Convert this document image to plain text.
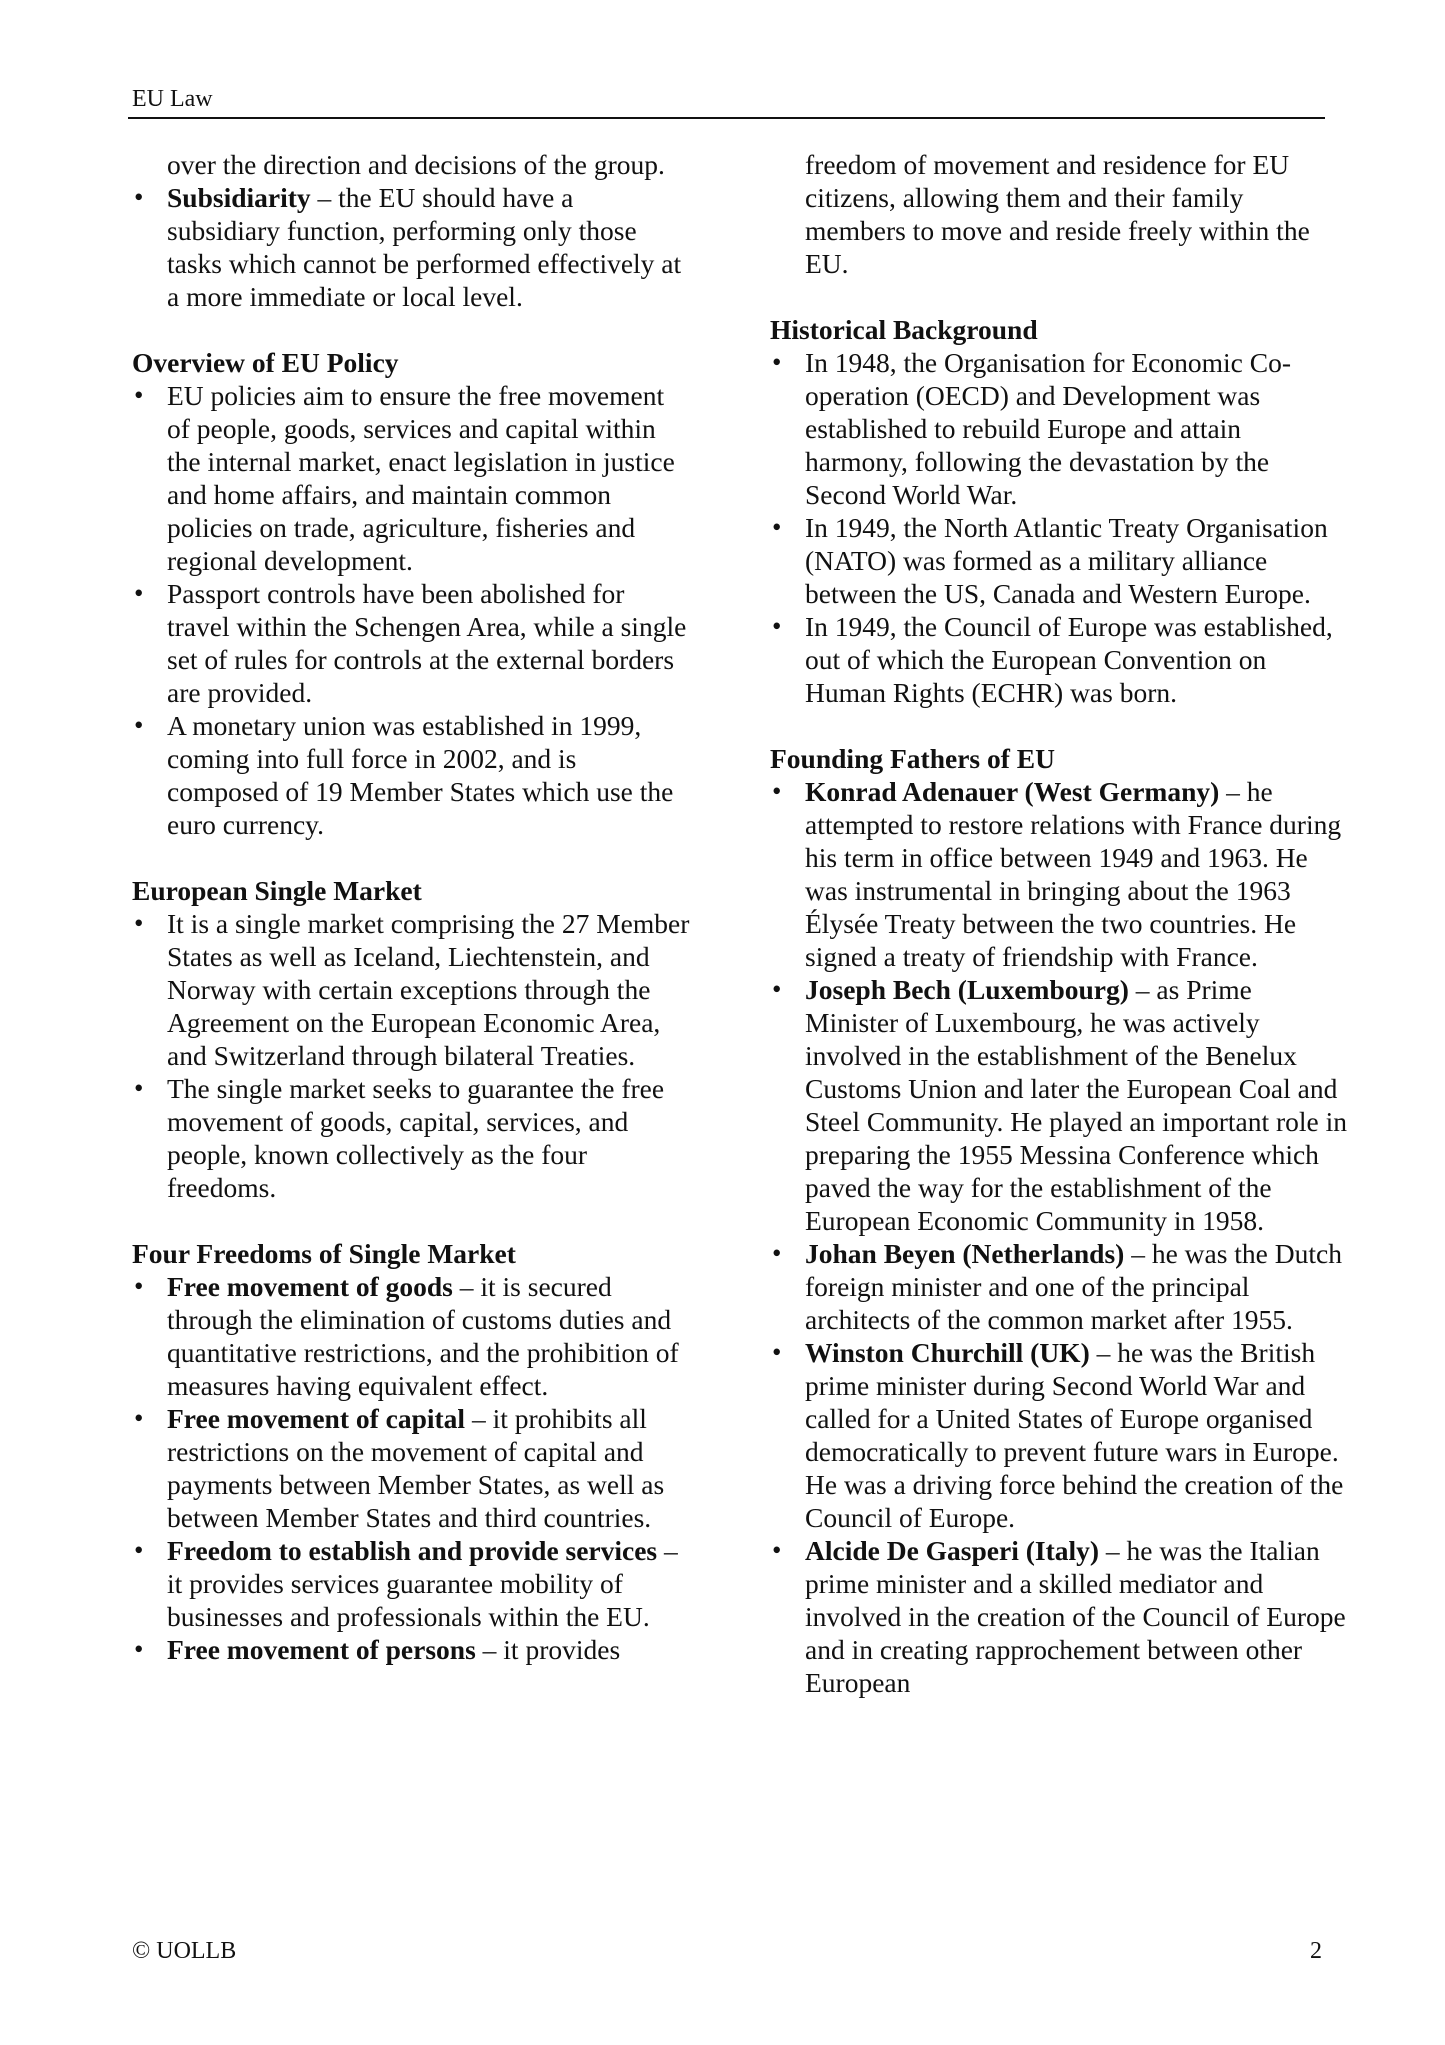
EU Law

over the direction and decisions of the group.

• Subsidiarity – the EU should have a subsidiary function, performing only those tasks which cannot be performed effectively at a more immediate or local level.

Overview of EU Policy

• EU policies aim to ensure the free movement of people, goods, services and capital within the internal market, enact legislation in justice and home affairs, and maintain common policies on trade, agriculture, fisheries and regional development.
• Passport controls have been abolished for travel within the Schengen Area, while a single set of rules for controls at the external borders are provided.
• A monetary union was established in 1999, coming into full force in 2002, and is composed of 19 Member States which use the euro currency.

European Single Market

• It is a single market comprising the 27 Member States as well as Iceland, Liechtenstein, and Norway with certain exceptions through the Agreement on the European Economic Area, and Switzerland through bilateral Treaties.
• The single market seeks to guarantee the free movement of goods, capital, services, and people, known collectively as the four freedoms.

Four Freedoms of Single Market

• Free movement of goods – it is secured through the elimination of customs duties and quantitative restrictions, and the prohibition of measures having equivalent effect.
• Free movement of capital – it prohibits all restrictions on the movement of capital and payments between Member States, as well as between Member States and third countries.
• Freedom to establish and provide services – it provides services guarantee mobility of businesses and professionals within the EU.
• Free movement of persons – it provides

freedom of movement and residence for EU citizens, allowing them and their family members to move and reside freely within the EU.

Historical Background

• In 1948, the Organisation for Economic Co-operation (OECD) and Development was established to rebuild Europe and attain harmony, following the devastation by the Second World War.
• In 1949, the North Atlantic Treaty Organisation (NATO) was formed as a military alliance between the US, Canada and Western Europe.
• In 1949, the Council of Europe was established, out of which the European Convention on Human Rights (ECHR) was born.

Founding Fathers of EU

• Konrad Adenauer (West Germany) – he attempted to restore relations with France during his term in office between 1949 and 1963. He was instrumental in bringing about the 1963 Élysée Treaty between the two countries. He signed a treaty of friendship with France.
• Joseph Bech (Luxembourg) – as Prime Minister of Luxembourg, he was actively involved in the establishment of the Benelux Customs Union and later the European Coal and Steel Community. He played an important role in preparing the 1955 Messina Conference which paved the way for the establishment of the European Economic Community in 1958.
• Johan Beyen (Netherlands) – he was the Dutch foreign minister and one of the principal architects of the common market after 1955.
• Winston Churchill (UK) – he was the British prime minister during Second World War and called for a United States of Europe organised democratically to prevent future wars in Europe. He was a driving force behind the creation of the Council of Europe.
• Alcide De Gasperi (Italy) – he was the Italian prime minister and a skilled mediator and involved in the creation of the Council of Europe and in creating rapprochement between other European
© UOLLB	2
